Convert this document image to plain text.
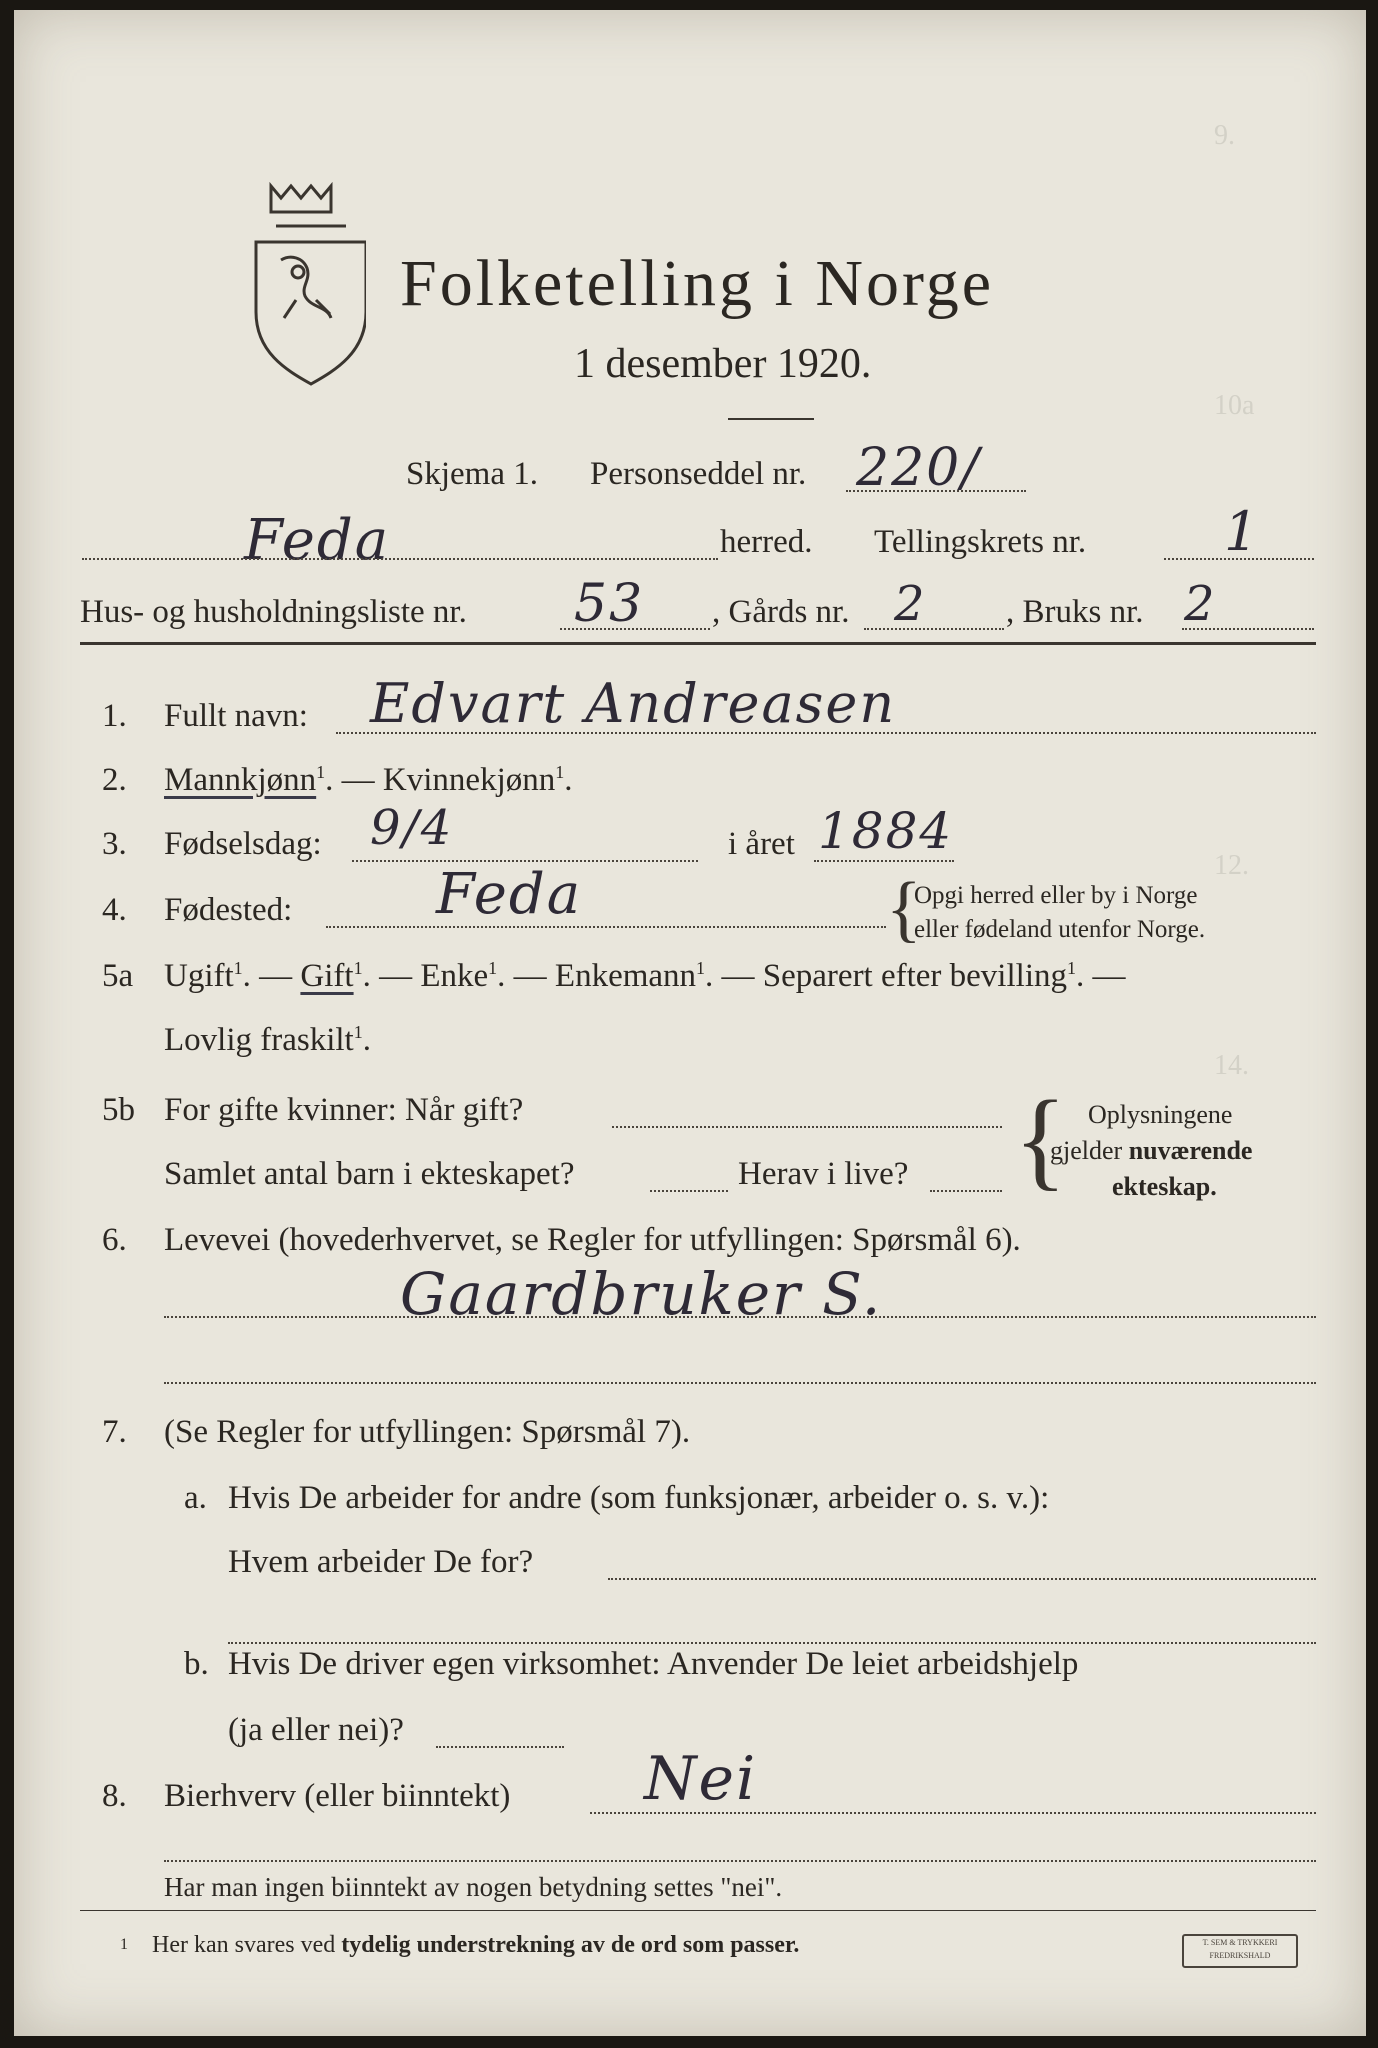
9.
10a
12.
14.
Folketelling i Norge
1 desember 1920.
Skjema 1. Personseddel nr. 220/
Feda	herred. Tellingskrets nr.	1
Hus- og husholdningsliste nr. 53 , Gårds nr. 2 , Bruks nr. 2
1. Fullt navn: Edvart Andreasen
2. Mannkjønn$^1$. — Kvinnekjønn$^1$.
3. Fødselsdag: 9/4	i året 1884
4. Fødested:	Feda	{
Opgi herred eller by i Norge
eller fødeland utenfor Norge.
5a Ugift$^1$. — Gift$^1$. — Enke$^1$. — Enkemann$^1$. — Separert efter bevilling$^1$. —
Lovlig fraskilt$^1$.
5b For gifte kvinner: Når gift?
Samlet antal barn i ekteskapet?	Herav i live? { Oplysningene
gjelder nuværende
ekteskap.
6. Levevei (hovederhvervet, se Regler for utfyllingen: Spørsmål 6).
Gaardbruker S.
7. (Se Regler for utfyllingen: Spørsmål 7).
a. Hvis De arbeider for andre (som funksjonær, arbeider o. s. v.):
Hvem arbeider De for?
b. Hvis De driver egen virksomhet: Anvender De leiet arbeidshjelp
(ja eller nei)?
8. Bierhverv (eller biinntekt) Nei
Har man ingen biinntekt av nogen betydning settes "nei".
1 Her kan svares ved tydelig understrekning av de ord som passer.	T. SEM & TRYKKERI
FREDRIKSHALD
